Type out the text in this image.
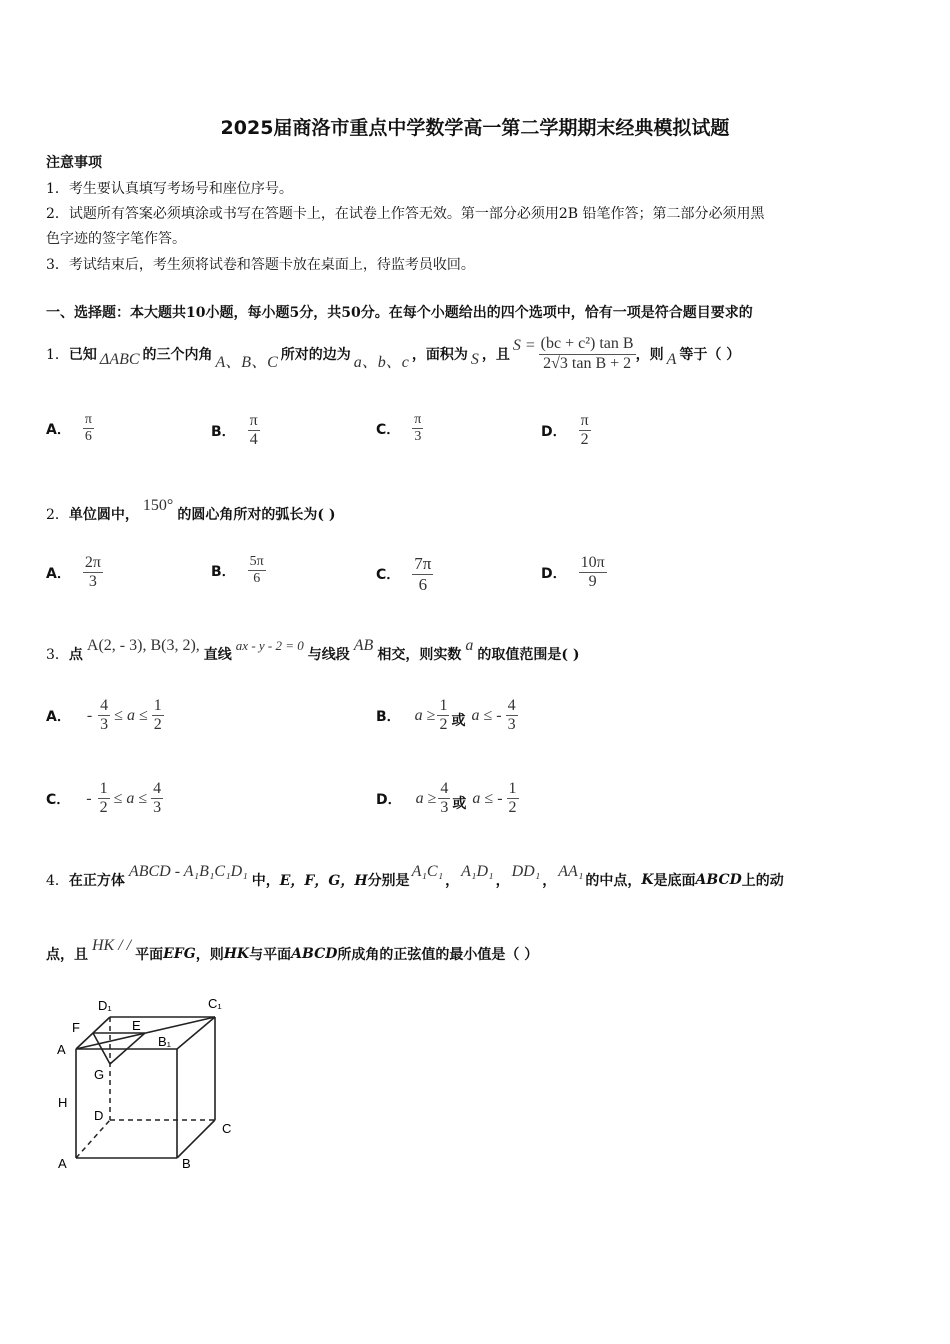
2025届商洛市重点中学数学高一第二学期期末经典模拟试题
注意事项
1．考生要认真填写考场号和座位序号。
2．试题所有答案必须填涂或书写在答题卡上，在试卷上作答无效。第一部分必须用2B 铅笔作答；第二部分必须用黑
色字迹的签字笔作答。
3．考试结束后，考生须将试卷和答题卡放在桌面上，待监考员收回。
一、选择题：本大题共10小题，每小题5分，共50分。在每个小题给出的四个选项中，恰有一项是符合题目要求的
1． 已知 ΔABC 的三个内角 A、B、C 所对的边为 a、b、c ，面积为 S ，且
$S = \frac{\text{(bc + c²) tan B}}{\text{2√3 tan B + 2}}$ ，则 A 等于（ ）
A． $\frac{\pi}{6}$	B． $\frac{\pi}{4}$	C． $\frac{\pi}{3}$	D． $\frac{\pi}{2}$
2． 单位圆中，
150°
的圆心角所对的弧长为( )
A． $\frac{2\pi}{3}$	B． $\frac{5\pi}{6}$	C． $\frac{7\pi}{6}$	D． $\frac{10\pi}{9}$
3． 点
A(2, - 3), B(3, 2),
直线
ax - y - 2 = 0
与线段
AB
相交，则实数
a
的取值范围是( )
A． - $\frac{4}{3} \le a \le \frac{1}{2}$	B． $a \ge \frac{1}{2}$ 或 a ≤ - $\frac{4}{3}$
C． - $\frac{1}{2} \le a \le \frac{4}{3}$	D． $a \ge \frac{4}{3}$ 或 a ≤ - $\frac{1}{2}$
4． 在正方体
ABCD - A₁B₁C₁D₁
中， E，F，G，H 分别是
A₁C₁
，
A₁D₁
，
DD₁
，
AA₁
的中点， K 是底面 ABCD 上的动
点，且
HK / /
平面 EFG ，则 HK 与平面 ABCD 所成角的正弦值的最小值是（ ）
D₁	C₁
F	E
A
B₁
G
H
D
C
A	B
